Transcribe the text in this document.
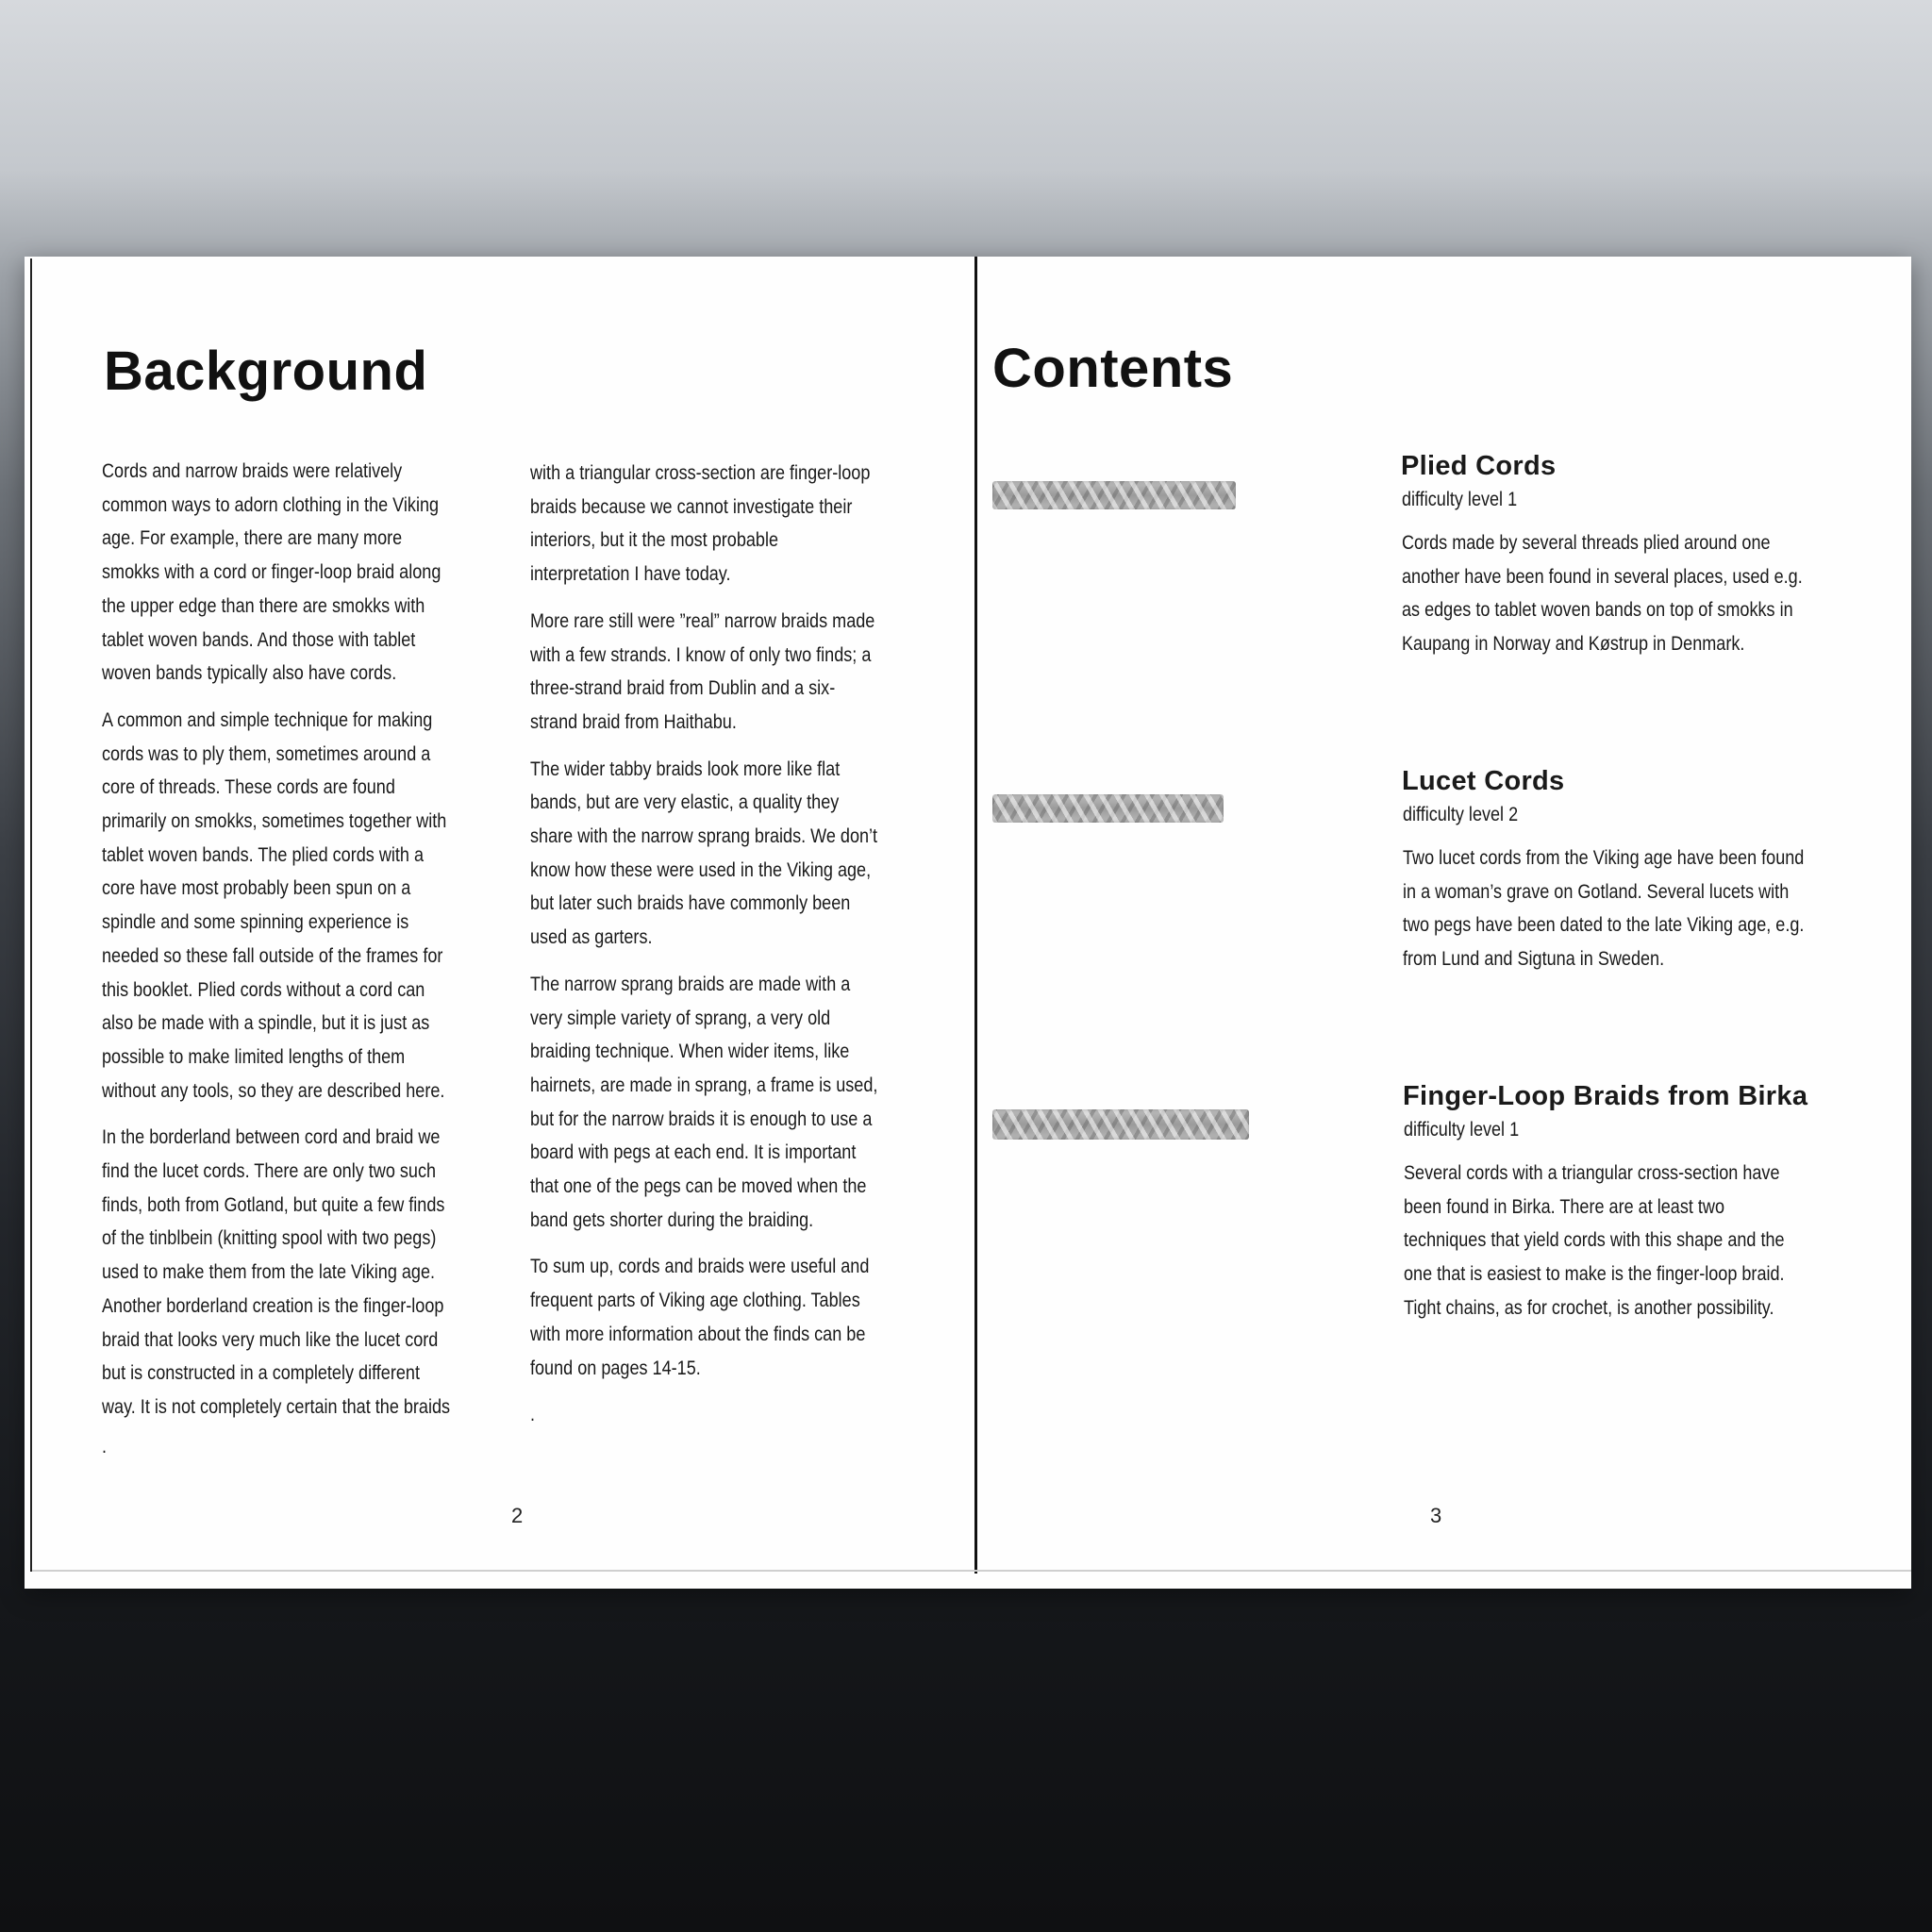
Background

Cords and narrow braids were relatively common ways to adorn clothing in the Viking age. For example, there are many more smokks with a cord or finger-loop braid along the upper edge than there are smokks with tablet woven bands. And those with tablet woven bands typically also have cords.

A common and simple technique for making cords was to ply them, sometimes around a core of threads. These cords are found primarily on smokks, sometimes together with tablet woven bands. The plied cords with a core have most probably been spun on a spindle and some spinning experience is needed so these fall outside of the frames for this booklet. Plied cords without a cord can also be made with a spindle, but it is just as possible to make limited lengths of them without any tools, so they are described here.

In the borderland between cord and braid we find the lucet cords. There are only two such finds, both from Gotland, but quite a few finds of the tinblbein (knitting spool with two pegs) used to make them from the late Viking age. Another borderland creation is the finger-loop braid that looks very much like the lucet cord but is constructed in a completely different way. It is not completely certain that the braids

.

with a triangular cross-section are finger-loop braids because we cannot investigate their interiors, but it the most probable interpretation I have today.

More rare still were ”real” narrow braids made with a few strands. I know of only two finds; a three-strand braid from Dublin and a six-strand braid from Haithabu.

The wider tabby braids look more like flat bands, but are very elastic, a quality they share with the narrow sprang braids. We don’t know how these were used in the Viking age, but later such braids have commonly been used as garters.

The narrow sprang braids are made with a very simple variety of sprang, a very old braiding technique. When wider items, like hairnets, are made in sprang, a frame is used, but for the narrow braids it is enough to use a board with pegs at each end. It is important that one of the pegs can be moved when the band gets shorter during the braiding.

To sum up, cords and braids were useful and frequent parts of Viking age clothing. Tables with more information about the finds can be found on pages 14-15.

.

2
Contents
Plied Cords
difficulty level 1

Cords made by several threads plied around one another have been found in several places, used e.g. as edges to tablet woven bands on top of smokks in Kaupang in Norway and Køstrup in Denmark.

Lucet Cords
difficulty level 2

Two lucet cords from the Viking age have been found in a woman’s grave on Gotland. Several lucets with two pegs have been dated to the late Viking age, e.g. from Lund and Sigtuna in Sweden.

Finger-Loop Braids from Birka
difficulty level 1

Several cords with a triangular cross-section have been found in Birka. There are at least two techniques that yield cords with this shape and the one that is easiest to make is the finger-loop braid. Tight chains, as for crochet, is another possibility.

3
